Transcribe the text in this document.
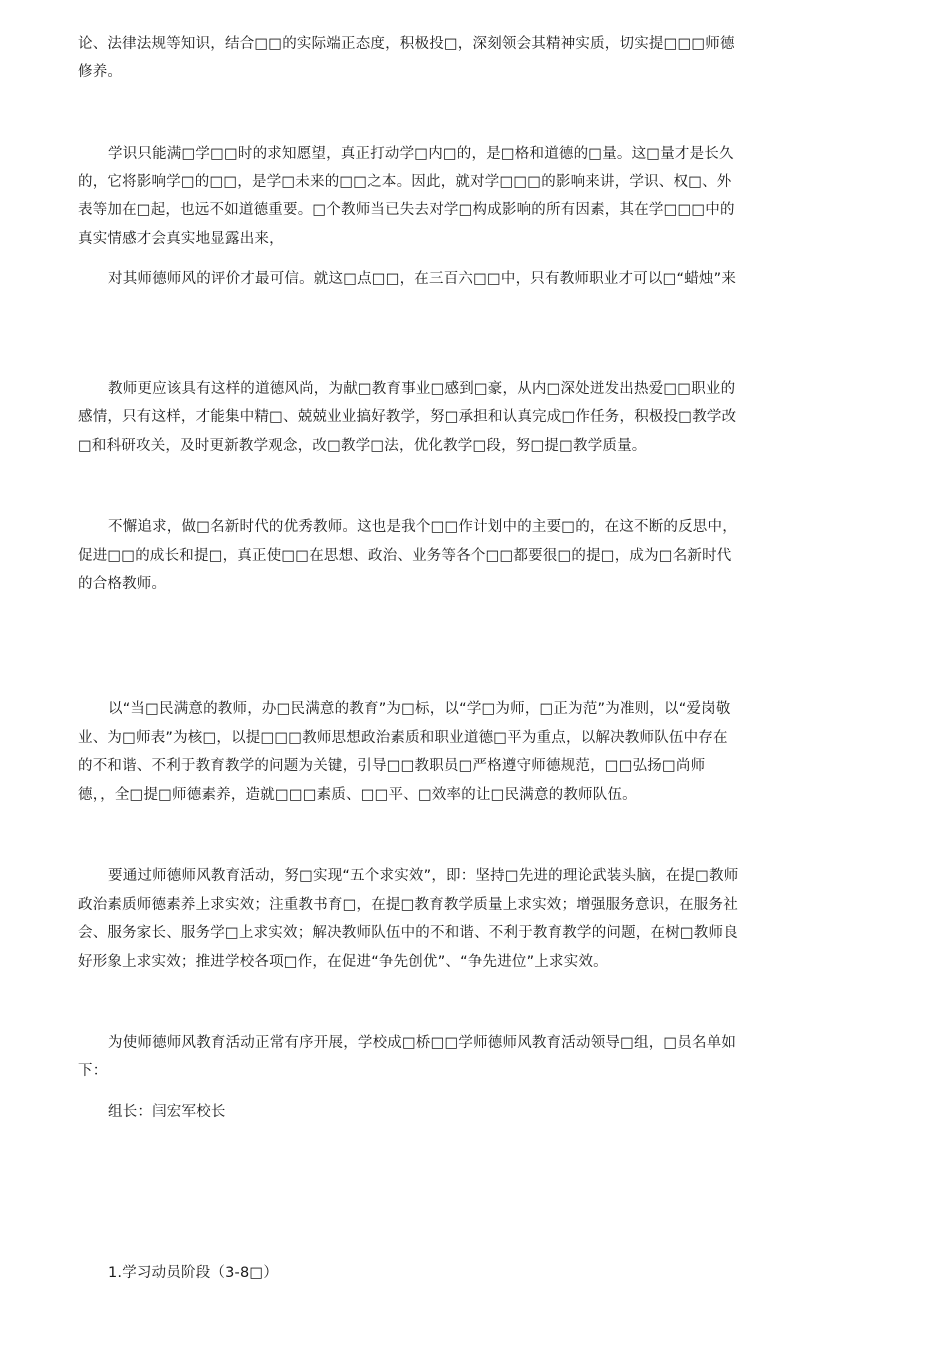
论、法律法规等知识，结合□□的实际端正态度，积极投□，深刻领会其精神实质，切实提□□□师德
修养。
学识只能满□学□□时的求知愿望，真正打动学□内□的，是□格和道德的□量。这□量才是长久
的，它将影响学□的□□，是学□未来的□□之本。因此，就对学□□□的影响来讲，学识、权□、外
表等加在□起，也远不如道德重要。□个教师当已失去对学□构成影响的所有因素，其在学□□□中的
真实情感才会真实地显露出来，
对其师德师风的评价才最可信。就这□点□□，在三百六□□中，只有教师职业才可以□“蜡烛”来
教师更应该具有这样的道德风尚，为献□教育事业□感到□豪，从内□深处迸发出热爱□□职业的
感情，只有这样，才能集中精□、兢兢业业搞好教学，努□承担和认真完成□作任务，积极投□教学改
□和科研攻关，及时更新教学观念，改□教学□法，优化教学□段，努□提□教学质量。
不懈追求，做□名新时代的优秀教师。这也是我个□□作计划中的主要□的，在这不断的反思中，
促进□□的成长和提□，真正使□□在思想、政治、业务等各个□□都要很□的提□，成为□名新时代
的合格教师。
以“当□民满意的教师，办□民满意的教育”为□标，以“学□为师，□正为范”为准则，以“爱岗敬
业、为□师表”为核□，以提□□□教师思想政治素质和职业道德□平为重点，以解决教师队伍中存在
的不和谐、不利于教育教学的问题为关键，引导□□教职员□严格遵守师德规范，□□弘扬□尚师
德，，全□提□师德素养，造就□□□素质、□□平、□效率的让□民满意的教师队伍。
要通过师德师风教育活动，努□实现“五个求实效”，即：坚持□先进的理论武装头脑，在提□教师
政治素质师德素养上求实效；注重教书育□，在提□教育教学质量上求实效；增强服务意识，在服务社
会、服务家长、服务学□上求实效；解决教师队伍中的不和谐、不利于教育教学的问题，在树□教师良
好形象上求实效；推进学校各项□作，在促进“争先创优”、“争先进位”上求实效。
为使师德师风教育活动正常有序开展，学校成□桥□□学师德师风教育活动领导□组，□员名单如
下：
组长：闫宏军校长
1.学习动员阶段（3-8□）
